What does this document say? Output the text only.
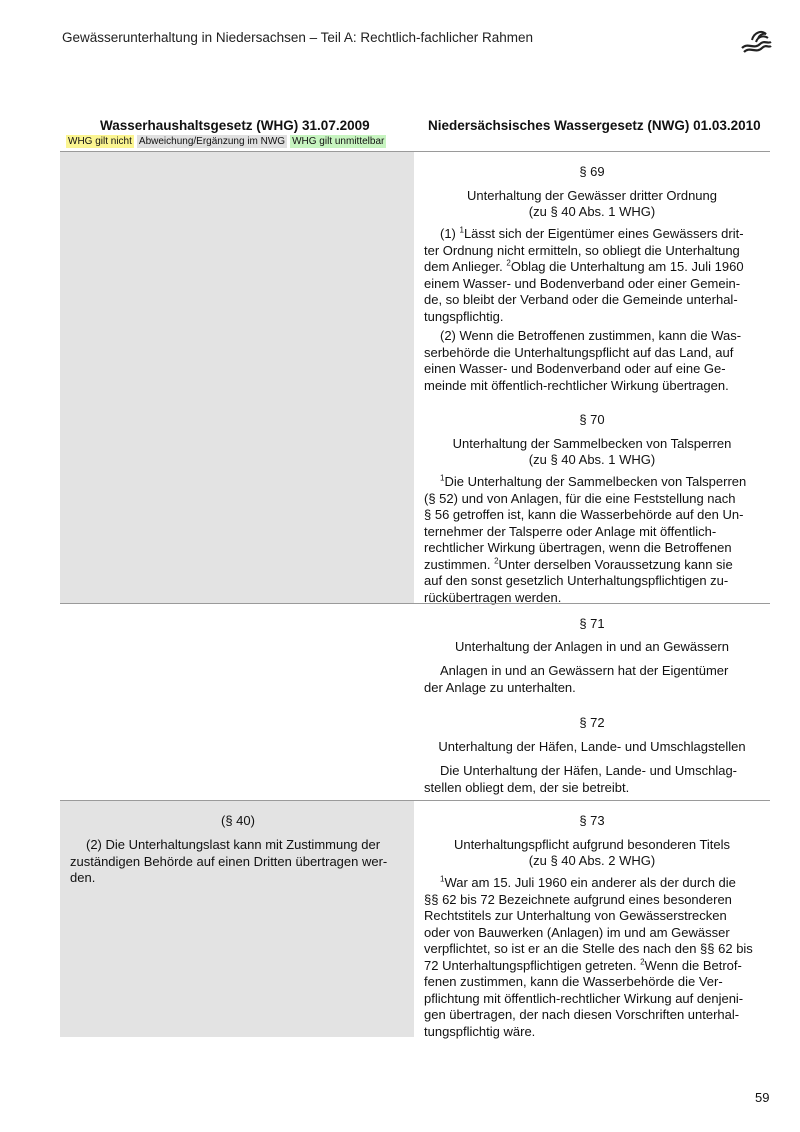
Gewässerunterhaltung in Niedersachsen – Teil A: Rechtlich-fachlicher Rahmen
Wasserhaushaltsgesetz (WHG) 31.07.2009	Niedersächsisches Wassergesetz (NWG) 01.03.2010
WHG gilt nicht Abweichung/Ergänzung im NWG WHG gilt unmittelbar
§ 69
Unterhaltung der Gewässer dritter Ordnung
(zu § 40 Abs. 1 WHG)
(1) $^1$Lässt sich der Eigentümer eines Gewässers drit-
ter Ordnung nicht ermitteln, so obliegt die Unterhaltung
dem Anlieger. $^2$Oblag die Unterhaltung am 15. Juli 1960
einem Wasser- und Bodenverband oder einer Gemein-
de, so bleibt der Verband oder die Gemeinde unterhal-
tungspflichtig.
(2) Wenn die Betroffenen zustimmen, kann die Was-
serbehörde die Unterhaltungspflicht auf das Land, auf
einen Wasser- und Bodenverband oder auf eine Ge-
meinde mit öffentlich-rechtlicher Wirkung übertragen.
§ 70
Unterhaltung der Sammelbecken von Talsperren
(zu § 40 Abs. 1 WHG)
$^1$Die Unterhaltung der Sammelbecken von Talsperren
(§ 52) und von Anlagen, für die eine Feststellung nach
§ 56 getroffen ist, kann die Wasserbehörde auf den Un-
ternehmer der Talsperre oder Anlage mit öffentlich-
rechtlicher Wirkung übertragen, wenn die Betroffenen
zustimmen. $^2$Unter derselben Voraussetzung kann sie
auf den sonst gesetzlich Unterhaltungspflichtigen zu-
rückübertragen werden.
§ 71
Unterhaltung der Anlagen in und an Gewässern
Anlagen in und an Gewässern hat der Eigentümer
der Anlage zu unterhalten.
§ 72
Unterhaltung der Häfen, Lande- und Umschlagstellen
Die Unterhaltung der Häfen, Lande- und Umschlag-
stellen obliegt dem, der sie betreibt.
(§ 40)
(2) Die Unterhaltungslast kann mit Zustimmung der
zuständigen Behörde auf einen Dritten übertragen wer-
den.
§ 73
Unterhaltungspflicht aufgrund besonderen Titels
(zu § 40 Abs. 2 WHG)
$^1$War am 15. Juli 1960 ein anderer als der durch die
§§ 62 bis 72 Bezeichnete aufgrund eines besonderen
Rechtstitels zur Unterhaltung von Gewässerstrecken
oder von Bauwerken (Anlagen) im und am Gewässer
verpflichtet, so ist er an die Stelle des nach den §§ 62 bis
72 Unterhaltungspflichtigen getreten. $^2$Wenn die Betrof-
fenen zustimmen, kann die Wasserbehörde die Ver-
pflichtung mit öffentlich-rechtlicher Wirkung auf denjeni-
gen übertragen, der nach diesen Vorschriften unterhal-
tungspflichtig wäre.
59
